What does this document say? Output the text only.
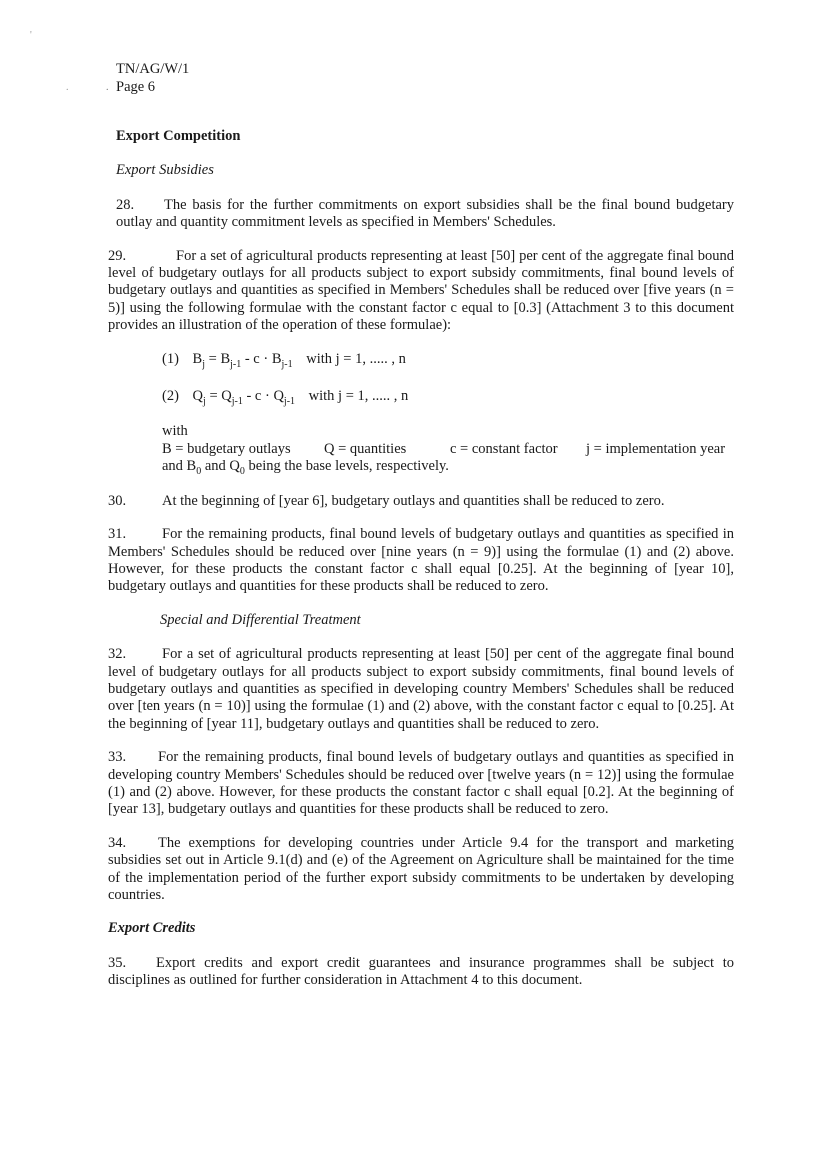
'
.	.
TN/AG/W/1
Page 6
Export Competition
Export Subsidies

28. The basis for the further commitments on export subsidies shall be the final bound budgetary outlay and quantity commitment levels as specified in Members' Schedules.

29.	For a set of agricultural products representing at least [50] per cent of the aggregate final bound level of budgetary outlays for all products subject to export subsidy commitments, final bound levels of budgetary outlays and quantities as specified in Members' Schedules shall be reduced over [five years (n = 5)] using the following formulae with the constant factor c equal to [0.3] (Attachment 3 to this document provides an illustration of the operation of these formulae):

(1) $B_j = B_{j-1} - c \cdot B_{j-1}$ with j = 1, ..... , n
(2) $Q_j = Q_{j-1} - c \cdot Q_{j-1}$ with j = 1, ..... , n
with
B = budgetary outlays Q = quantities	c = constant factor j = implementation year
and $B_0$ and $Q_0$ being the base levels, respectively.

30. At the beginning of [year 6], budgetary outlays and quantities shall be reduced to zero.

31. For the remaining products, final bound levels of budgetary outlays and quantities as specified in Members' Schedules should be reduced over [nine years (n = 9)] using the formulae (1) and (2) above. However, for these products the constant factor c shall equal [0.25]. At the beginning of [year 10], budgetary outlays and quantities for these products shall be reduced to zero.

Special and Differential Treatment

32. For a set of agricultural products representing at least [50] per cent of the aggregate final bound level of budgetary outlays for all products subject to export subsidy commitments, final bound levels of budgetary outlays and quantities as specified in developing country Members' Schedules shall be reduced over [ten years (n = 10)] using the formulae (1) and (2) above, with the constant factor c equal to [0.25]. At the beginning of [year 11], budgetary outlays and quantities shall be reduced to zero.

33. For the remaining products, final bound levels of budgetary outlays and quantities as specified in developing country Members' Schedules should be reduced over [twelve years (n = 12)] using the formulae (1) and (2) above. However, for these products the constant factor c shall equal [0.2]. At the beginning of [year 13], budgetary outlays and quantities for these products shall be reduced to zero.

34. The exemptions for developing countries under Article 9.4 for the transport and marketing subsidies set out in Article 9.1(d) and (e) of the Agreement on Agriculture shall be maintained for the time of the implementation period of the further export subsidy commitments to be undertaken by developing countries.

Export Credits

35. Export credits and export credit guarantees and insurance programmes shall be subject to disciplines as outlined for further consideration in Attachment 4 to this document.
